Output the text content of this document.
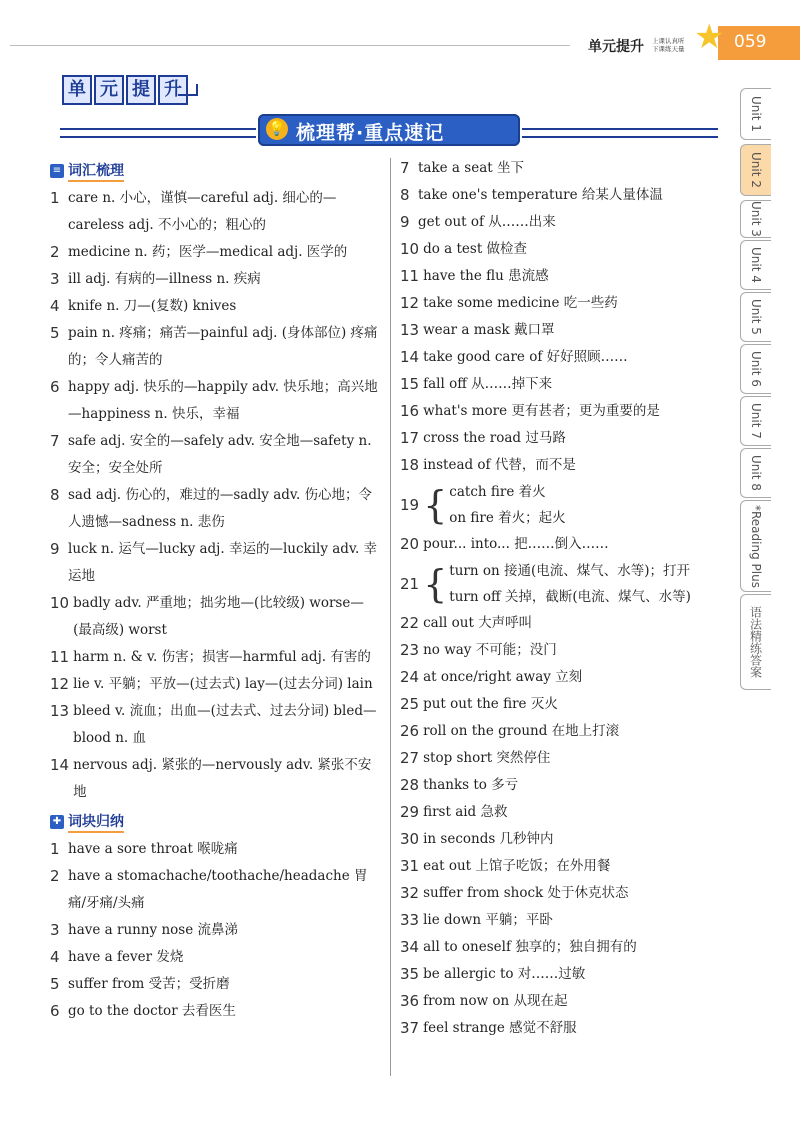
单元提升 上课认真听
下课练天量 ★ 059
单 元 提 升
💡 梳理帮·重点速记
Unit 1
Unit 2
Unit 3
Unit 4
Unit 5
Unit 6
Unit 7
Unit 8
*Reading Plus
语法精练答案
≡ 词汇梳理
1 care n. 小心，谨慎—careful adj. 细心的—careless adj. 不小心的；粗心的
2 medicine n. 药；医学—medical adj. 医学的
3 ill adj. 有病的—illness n. 疾病
4 knife n. 刀—(复数) knives
5 pain n. 疼痛；痛苦—painful adj. (身体部位) 疼痛的；令人痛苦的
6 happy adj. 快乐的—happily adv. 快乐地；高兴地—happiness n. 快乐，幸福
7 safe adj. 安全的—safely adv. 安全地—safety n. 安全；安全处所
8 sad adj. 伤心的，难过的—sadly adv. 伤心地；令人遗憾—sadness n. 悲伤
9 luck n. 运气—lucky adj. 幸运的—luckily adv. 幸运地
10 badly adv. 严重地；拙劣地—(比较级) worse—(最高级) worst
11 harm n. & v. 伤害；损害—harmful adj. 有害的
12 lie v. 平躺；平放—(过去式) lay—(过去分词) lain
13 bleed v. 流血；出血—(过去式、过去分词) bled—blood n. 血
14 nervous adj. 紧张的—nervously adv. 紧张不安地
✚ 词块归纳
1 have a sore throat 喉咙痛
2 have a stomachache/toothache/headache 胃痛/牙痛/头痛
3 have a runny nose 流鼻涕
4 have a fever 发烧
5 suffer from 受苦；受折磨
6 go to the doctor 去看医生
7 take a seat 坐下
8 take one's temperature 给某人量体温
9 get out of 从……出来
10 do a test 做检查
11 have the flu 患流感
12 take some medicine 吃一些药
13 wear a mask 戴口罩
14 take good care of 好好照顾……
15 fall off 从……掉下来
16 what's more 更有甚者；更为重要的是
17 cross the road 过马路
18 instead of 代替，而不是
19 { catch fire 着火
on fire 着火；起火
20 pour... into... 把……倒入……
21 { turn on 接通(电流、煤气、水等)；打开
turn off 关掉，截断(电流、煤气、水等)
22 call out 大声呼叫
23 no way 不可能；没门
24 at once/right away 立刻
25 put out the fire 灭火
26 roll on the ground 在地上打滚
27 stop short 突然停住
28 thanks to 多亏
29 first aid 急救
30 in seconds 几秒钟内
31 eat out 上馆子吃饭；在外用餐
32 suffer from shock 处于休克状态
33 lie down 平躺；平卧
34 all to oneself 独享的；独自拥有的
35 be allergic to 对……过敏
36 from now on 从现在起
37 feel strange 感觉不舒服
